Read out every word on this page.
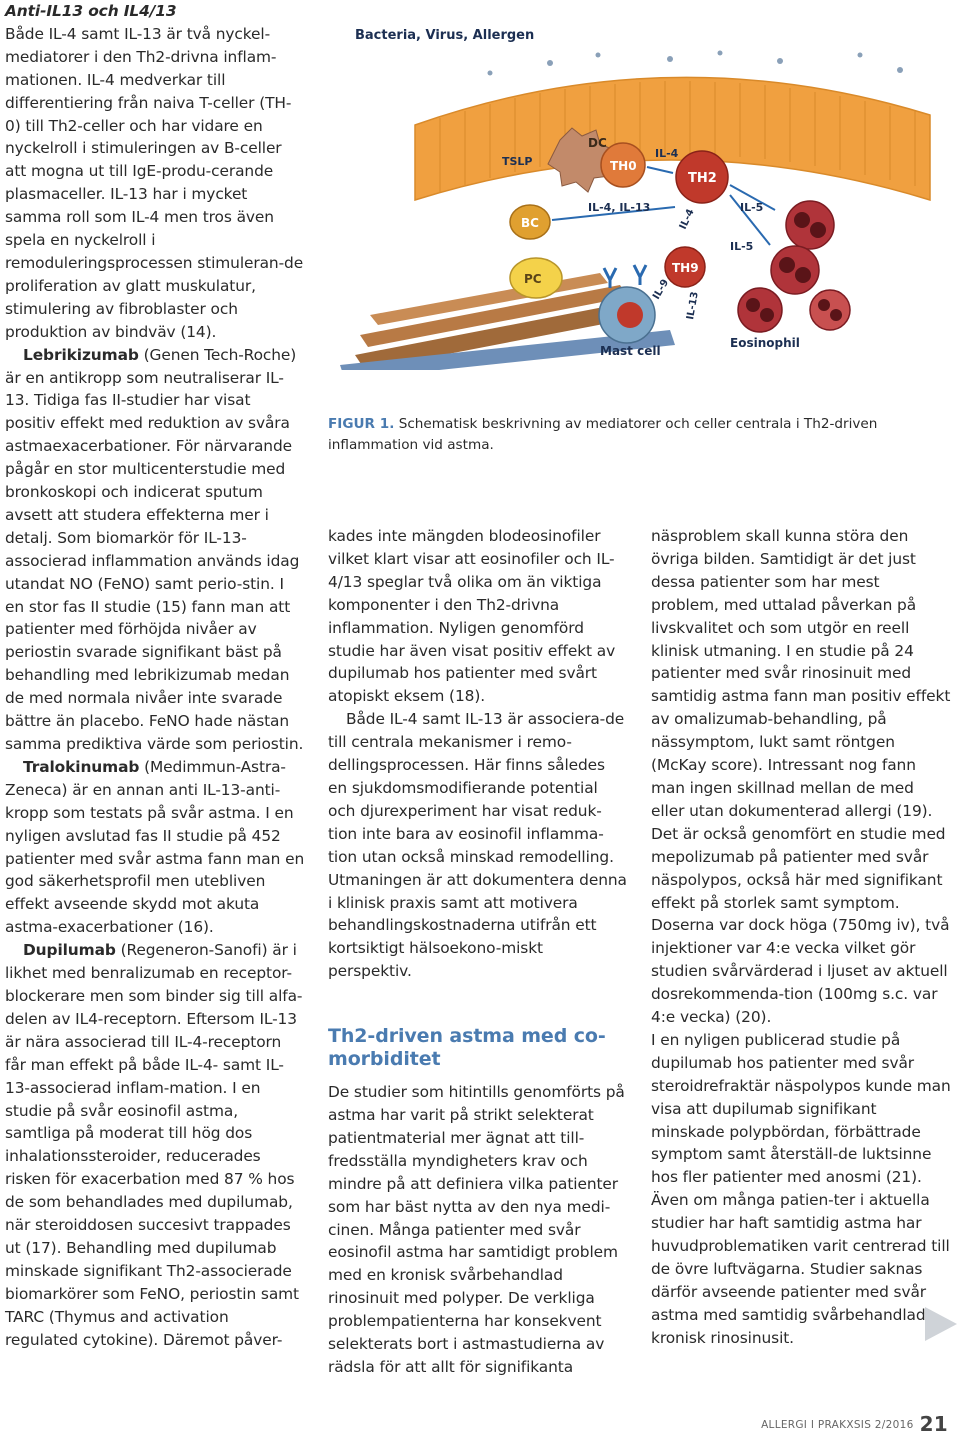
Anti-IL13 och IL4/13

Både IL-4 samt IL-13 är två nyckel-mediatorer i den Th2-drivna inflam-mationen. IL-4 medverkar till differentiering från naiva T-celler (TH-0) till Th2-celler och har vidare en nyckelroll i stimuleringen av B-celler att mogna ut till IgE-produ-cerande plasmaceller. IL-13 har i mycket samma roll som IL-4 men tros även spela en nyckelroll i remoduleringsprocessen stimuleran-de proliferation av glatt muskulatur, stimulering av fibroblaster och produktion av bindväv (14).

Lebrikizumab (Genen Tech-Roche) är en antikropp som neutraliserar IL-13. Tidiga fas II-studier har visat positiv effekt med reduktion av svåra astmaexacerbationer. För närvarande pågår en stor multicenterstudie med bronkoskopi och indicerat sputum avsett att studera effekterna mer i detalj. Som biomarkör för IL-13-associerad inflammation används idag utandat NO (FeNO) samt perio-stin. I en stor fas II studie (15) fann man att patienter med förhöjda nivåer av periostin svarade signifikant bäst på behandling med lebrikizumab medan de med normala nivåer inte svarade bättre än placebo. FeNO hade nästan samma prediktiva värde som periostin.

Tralokinumab (Medimmun-Astra-Zeneca) är en annan anti IL-13-anti-kropp som testats på svår astma. I en nyligen avslutad fas II studie på 452 patienter med svår astma fann man en god säkerhetsprofil men utebliven effekt avseende skydd mot akuta astma-exacerbationer (16).

Dupilumab (Regeneron-Sanofi) är i likhet med benralizumab en receptor-blockerare men som binder sig till alfa-delen av IL4-receptorn. Eftersom IL-13 är nära associerad till IL-4-receptorn får man effekt på både IL-4- samt IL-13-associerad inflam-mation. I en studie på svår eosinofil astma, samtliga på moderat till hög dos inhalationssteroider, reducerades risken för exacerbation med 87 % hos de som behandlades med dupilumab, när steroiddosen succesivt trappades ut (17). Behandling med dupilumab minskade signifikant Th2-associerade biomarkörer som FeNO, periostin samt TARC (Thymus and activation regulated cytokine). Däremot påver-

Bacteria, Virus, Allergen
DC
TH0
TH2
IL-4
TSLP
BC
PC
IL-4, IL-13
TH9
IL-4
IL-9
IL-13
Mast cell
IL-5
IL-5
Eosinophil
FIGUR 1. Schematisk beskrivning av mediatorer och celler centrala i Th2-driven inflammation vid astma.

kades inte mängden blodeosinofiler vilket klart visar att eosinofiler och IL-4/13 speglar två olika om än viktiga komponenter i den Th2-drivna inflammation. Nyligen genomförd studie har även visat positiv effekt av dupilumab hos patienter med svårt atopiskt eksem (18).

Både IL-4 samt IL-13 är associera-de till centrala mekanismer i remo-dellingsprocessen. Här finns således en sjukdomsmodifierande potential och djurexperiment har visat reduk-tion inte bara av eosinofil inflamma-tion utan också minskad remodelling. Utmaningen är att dokumentera denna i klinisk praxis samt att motivera behandlingskostnaderna utifrån ett kortsiktigt hälsoekono-miskt perspektiv.

Th2-driven astma med co-morbiditet

De studier som hitintills genomförts på astma har varit på strikt selekterat patientmaterial mer ägnat att till-fredsställa myndigheters krav och mindre på att definiera vilka patienter som har bäst nytta av den nya medi-cinen. Många patienter med svår eosinofil astma har samtidigt problem med en kronisk svårbehandlad rinosinuit med polyper. De verkliga problempatienterna har konsekvent selekterats bort i astmastudierna av rädsla för att allt för signifikanta

näsproblem skall kunna störa den övriga bilden. Samtidigt är det just dessa patienter som har mest problem, med uttalad påverkan på livskvalitet och som utgör en reell klinisk utmaning. I en studie på 24 patienter med svår rinosinuit med samtidig astma fann man positiv effekt av omalizumab-behandling, på nässymptom, lukt samt röntgen (McKay score). Intressant nog fann man ingen skillnad mellan de med eller utan dokumenterad allergi (19). Det är också genomfört en studie med mepolizumab på patienter med svår näspolypos, också här med signifikant effekt på storlek samt symptom. Doserna var dock höga (750mg iv), två injektioner var 4:e vecka vilket gör studien svårvärderad i ljuset av aktuell dosrekommenda-tion (100mg s.c. var 4:e vecka) (20).

I en nyligen publicerad studie på dupilumab hos patienter med svår steroidrefraktär näspolypos kunde man visa att dupilumab signifikant minskade polypbördan, förbättrade symptom samt återställ-de luktsinne hos fler patienter med anosmi (21). Även om många patien-ter i aktuella studier har haft samtidig astma har huvudproblematiken varit centrerad till de övre luftvägarna. Studier saknas därför avseende patienter med svår astma med samtidig svårbehandlad kronisk rinosinusit.

ALLERGI I PRAKXSIS 2/2016 21
